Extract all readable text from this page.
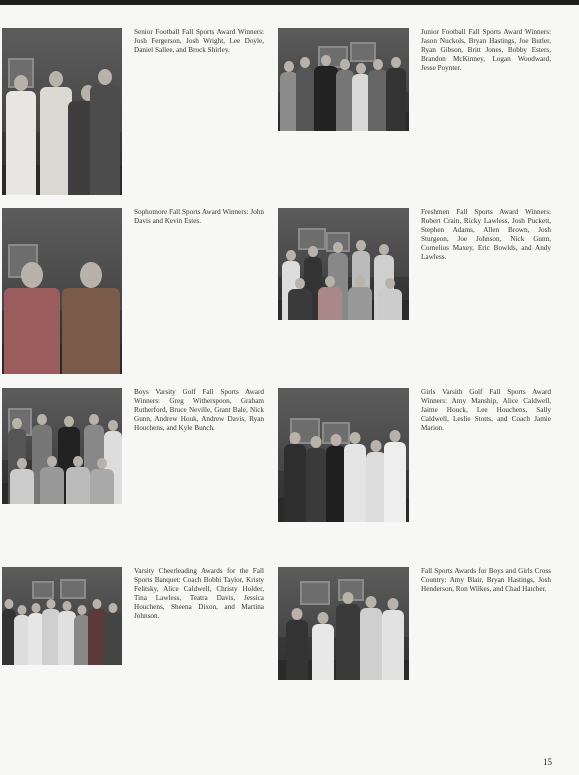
Senior Football Fall Sports Award Winners: Josh Fergerson, Josh Wright, Lee Doyle, Daniel Sallee, and Brock Shirley.
Junior Football Fall Sports Award Winners: Jason Nuckols, Bryan Hastings, Joe Butler, Ryan Gibson, Britt Jones, Bobby Esters, Brandon McKinney, Logan Woodward, Jesse Poynter.
Sophomore Fall Sports Award Winners: John Davis and Kevin Estes.
Freshmen Fall Sports Award Winners: Robert Crain, Ricky Lawless, Josh Puckett, Stephen Adams, Allen Brown, Josh Sturgeon, Joe Johnson, Nick Gunn, Cornelius Maxey, Eric Bowlds, and Andy Lawless.
Boys Varsity Golf Fall Sports Award Winners: Greg Witherspoon, Graham Rutherford, Bruce Neville, Grant Bale, Nick Gunn, Andrew Houk, Andrew Davis, Ryan Houchens, and Kyle Bunch.
Girls Varsith Golf Fall Sports Award Winners: Amy Manship, Alice Caldwell, Jaime Houck, Lee Houchens, Sally Caldwell, Leslie Stotts, and Coach Jamie Marion.
Varsity Cheerleading Awards for the Fall Sports Banquet: Coach Bobbi Taylor, Kristy Felitsky, Alice Caldwell, Christy Holder, Tina Lawless, Teatra Davis, Jessica Houchens, Sheena Dixon, and Martina Johnson.
Fall Sports Awards for Boys and Girls Cross Country: Amy Blair, Bryan Hastings, Josh Henderson, Ron Wilkes, and Chad Hatcher.
15
